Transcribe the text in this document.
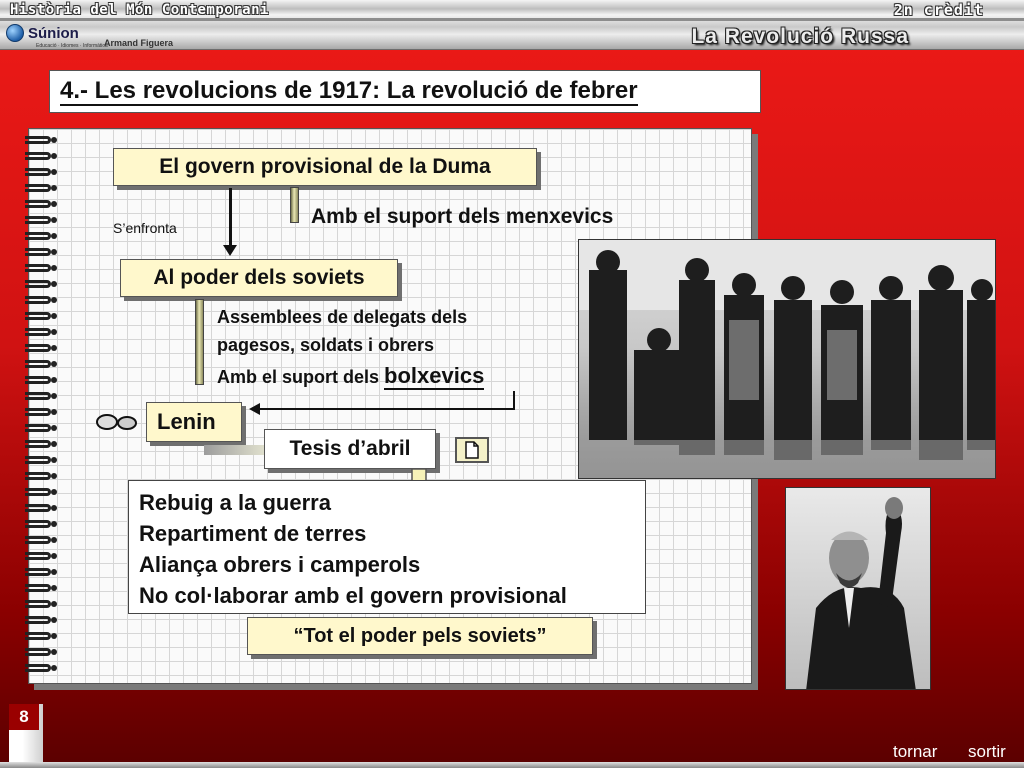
Història del Món Contemporani	2n crèdit
Súnion
Educació · Idiomes · Informàtica
Armand Figuera	La Revolució Russa
4.- Les revolucions de 1917: La revolució de febrer
El govern provisional de la Duma
Amb el suport dels menxevics
S’enfronta
Al poder dels soviets
Assemblees de delegats dels
pagesos, soldats i obrers
Amb el suport dels bolxevics
Lenin
Tesis d’abril
“Tot el poder pels soviets”
Rebuig a la guerra
Repartiment de terres
Aliança obrers i camperols
No col·laborar amb el govern provisional
8
tornar sortir
